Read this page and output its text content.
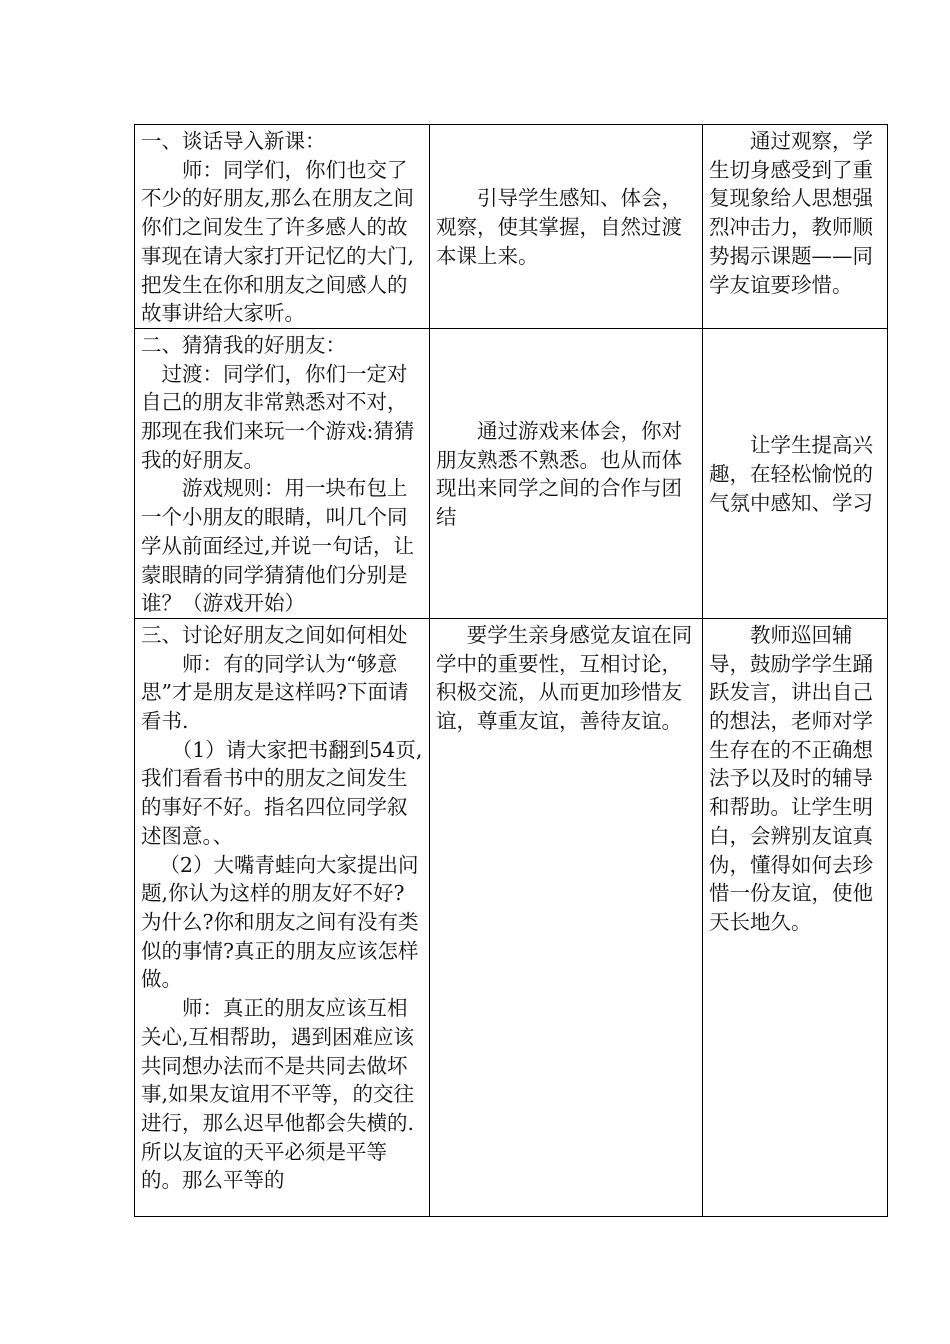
一、谈话导入新课：

师：同学们，你们也交了不少的好朋友,那么在朋友之间你们之间发生了许多感人的故事现在请大家打开记忆的大门,把发生在你和朋友之间感人的故事讲给大家听。	引导学生感知、体会，观察，使其掌握，自然过渡本课上来。	通过观察，学生切身感受到了重复现象给人思想强烈冲击力，教师顺势揭示课题——同学友谊要珍惜。

二、猜猜我的好朋友：

过渡：同学们，你们一定对自己的朋友非常熟悉对不对，那现在我们来玩一个游戏:猜猜我的好朋友。

游戏规则：用一块布包上一个小朋友的眼睛，叫几个同学从前面经过,并说一句话，让蒙眼睛的同学猜猜他们分别是谁？（游戏开始）	通过游戏来体会，你对朋友熟悉不熟悉。也从而体现出来同学之间的合作与团结	让学生提高兴趣，在轻松愉悦的气氛中感知、学习

三、讨论好朋友之间如何相处

师：有的同学认为“够意思”才是朋友是这样吗?下面请看书.

（1）请大家把书翻到54页,我们看看书中的朋友之间发生的事好不好。指名四位同学叙述图意。、

（2）大嘴青蛙向大家提出问题,你认为这样的朋友好不好?为什么?你和朋友之间有没有类似的事情?真正的朋友应该怎样做。

师：真正的朋友应该互相关心,互相帮助，遇到困难应该共同想办法而不是共同去做坏事,如果友谊用不平等，的交往进行，那么迟早他都会失横的.所以友谊的天平必须是平等的。那么平等的	要学生亲身感觉友谊在同学中的重要性，互相讨论，积极交流，从而更加珍惜友谊，尊重友谊，善待友谊。	教师巡回辅导，鼓励学学生踊跃发言，讲出自己的想法，老师对学生存在的不正确想法予以及时的辅导和帮助。让学生明白，会辨别友谊真伪，懂得如何去珍惜一份友谊，使他天长地久。
